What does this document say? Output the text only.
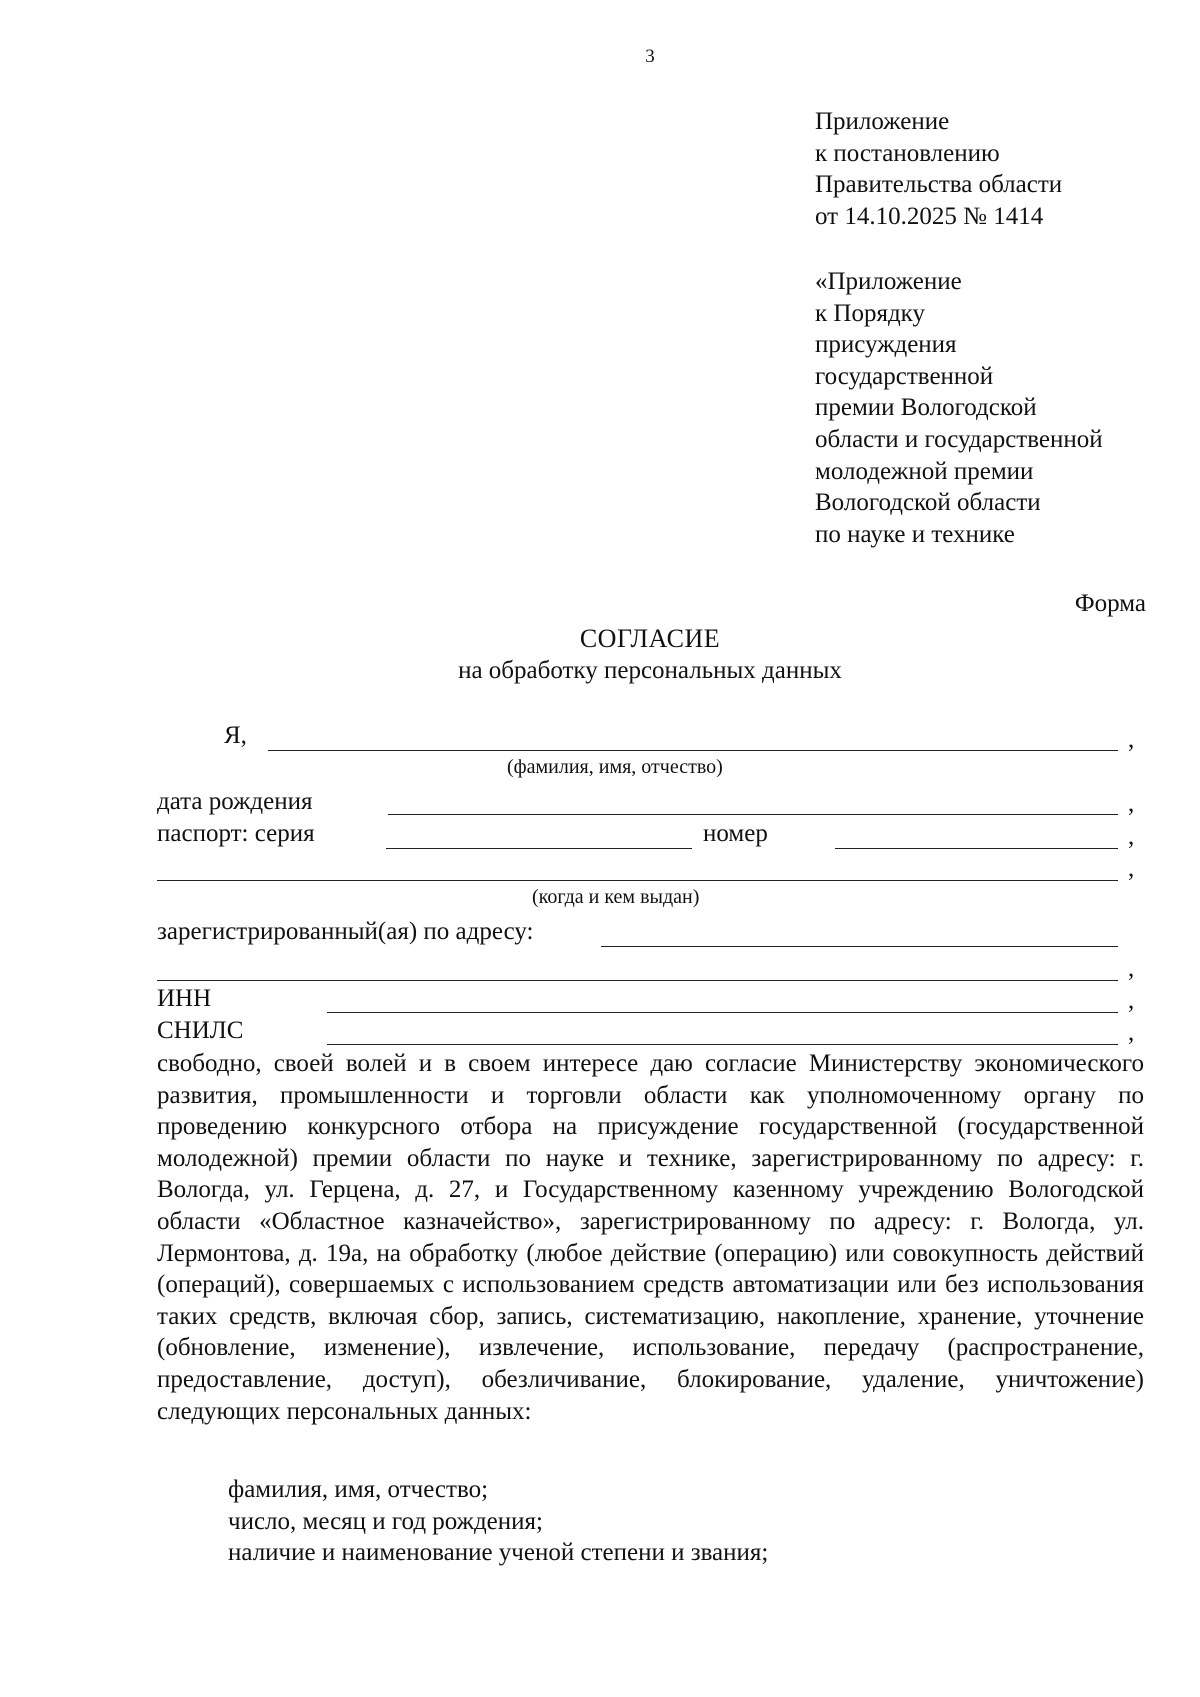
3
Приложение
к постановлению
Правительства области
от 14.10.2025 № 1414
«Приложение
к Порядку
присуждения
государственной
премии Вологодской
области и государственной
молодежной премии
Вологодской области
по науке и технике
Форма
СОГЛАСИЕ
на обработку персональных данных
Я,	,
(фамилия, имя, отчество)
дата рождения	,
паспорт: серия	номер	,
,
(когда и кем выдан)
зарегистрированный(ая) по адресу:
,
ИНН	,
СНИЛС	,
свободно, своей волей и в своем интересе даю согласие Министерству экономического развития, промышленности и торговли области как уполномоченному органу по проведению конкурсного отбора на присуждение государственной (государственной молодежной) премии области по науке и технике, зарегистрированному по адресу: г. Вологда, ул. Герцена, д. 27, и Государственному казенному учреждению Вологодской области «Областное казначейство», зарегистрированному по адресу: г. Вологда, ул. Лермонтова, д. 19а, на обработку (любое действие (операцию) или совокупность действий (операций), совершаемых с использованием средств автоматизации или без использования таких средств, включая сбор, запись, систематизацию, накопление, хранение, уточнение (обновление, изменение), извлечение, использование, передачу (распространение, предоставление, доступ), обезличивание, блокирование, удаление, уничтожение) следующих персональных данных:
фамилия, имя, отчество;
число, месяц и год рождения;
наличие и наименование ученой степени и звания;
